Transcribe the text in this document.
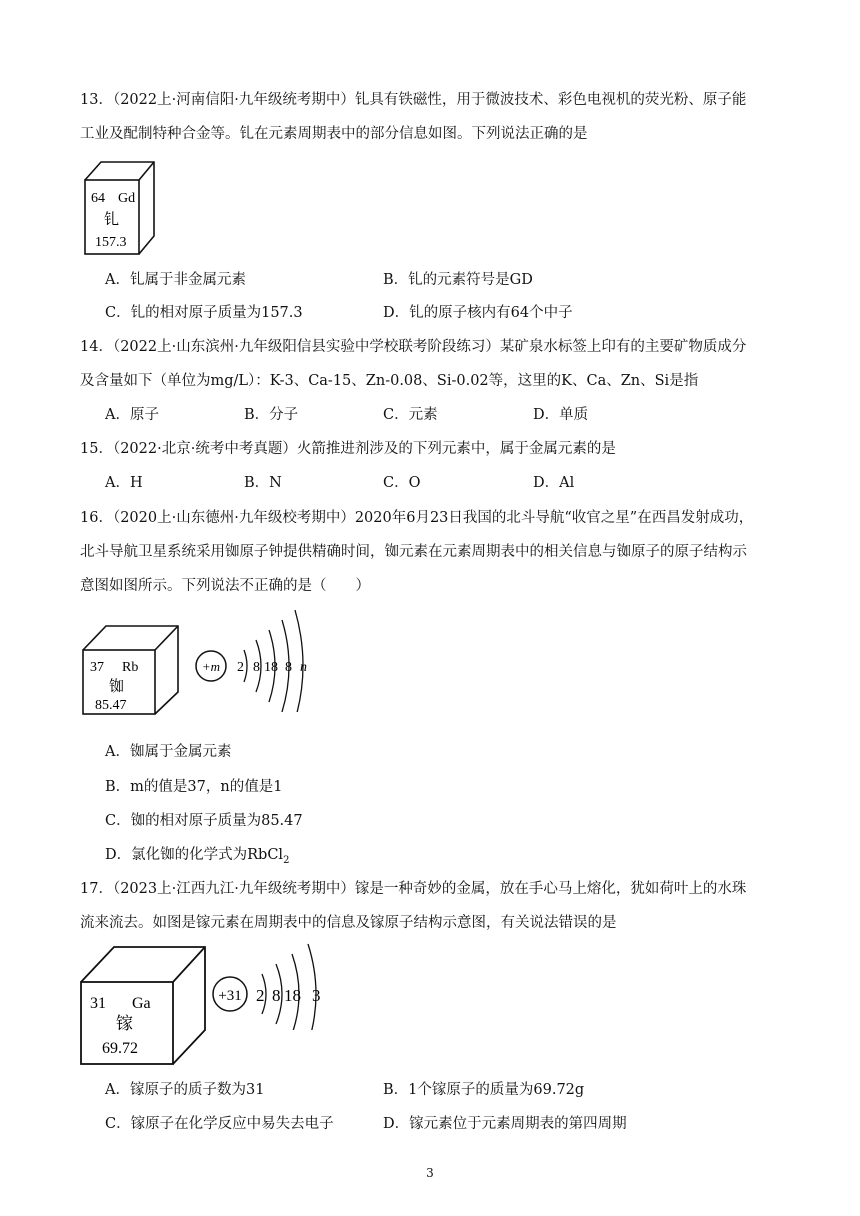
13．（2022上·河南信阳·九年级统考期中）钆具有铁磁性，用于微波技术、彩色电视机的荧光粉、原子能
工业及配制特种合金等。钆在元素周期表中的部分信息如图。下列说法正确的是
64 Gd
钆
157.3
A．钆属于非金属元素	B．钆的元素符号是GD
C．钆的相对原子质量为157.3	D．钆的原子核内有64个中子
14．（2022上·山东滨州·九年级阳信县实验中学校联考阶段练习）某矿泉水标签上印有的主要矿物质成分
及含量如下（单位为mg/L）：K-3、Ca-15、Zn-0.08、Si-0.02等，这里的K、Ca、Zn、Si是指
A．原子	B．分子	C．元素	D．单质
15．（2022·北京·统考中考真题）火箭推进剂涉及的下列元素中，属于金属元素的是
A．H	B．N	C．O	D．Al
16．（2020上·山东德州·九年级校考期中）2020年6月23日我国的北斗导航“收官之星”在西昌发射成功，
北斗导航卫星系统采用铷原子钟提供精确时间，铷元素在元素周期表中的相关信息与铷原子的原子结构示
意图如图所示。下列说法不正确的是（　　）
37 Rb
铷
85.47
+m 2 8 18 8 n
A．铷属于金属元素
B．m的值是37，n的值是1
C．铷的相对原子质量为85.47
D．氯化铷的化学式为RbCl$_2$
17．（2023上·江西九江·九年级统考期中）镓是一种奇妙的金属，放在手心马上熔化，犹如荷叶上的水珠
流来流去。如图是镓元素在周期表中的信息及镓原子结构示意图，有关说法错误的是
31 Ga
镓
69.72
+31 2 8 18 3
A．镓原子的质子数为31	B．1个镓原子的质量为69.72g
C．镓原子在化学反应中易失去电子	D．镓元素位于元素周期表的第四周期
3
